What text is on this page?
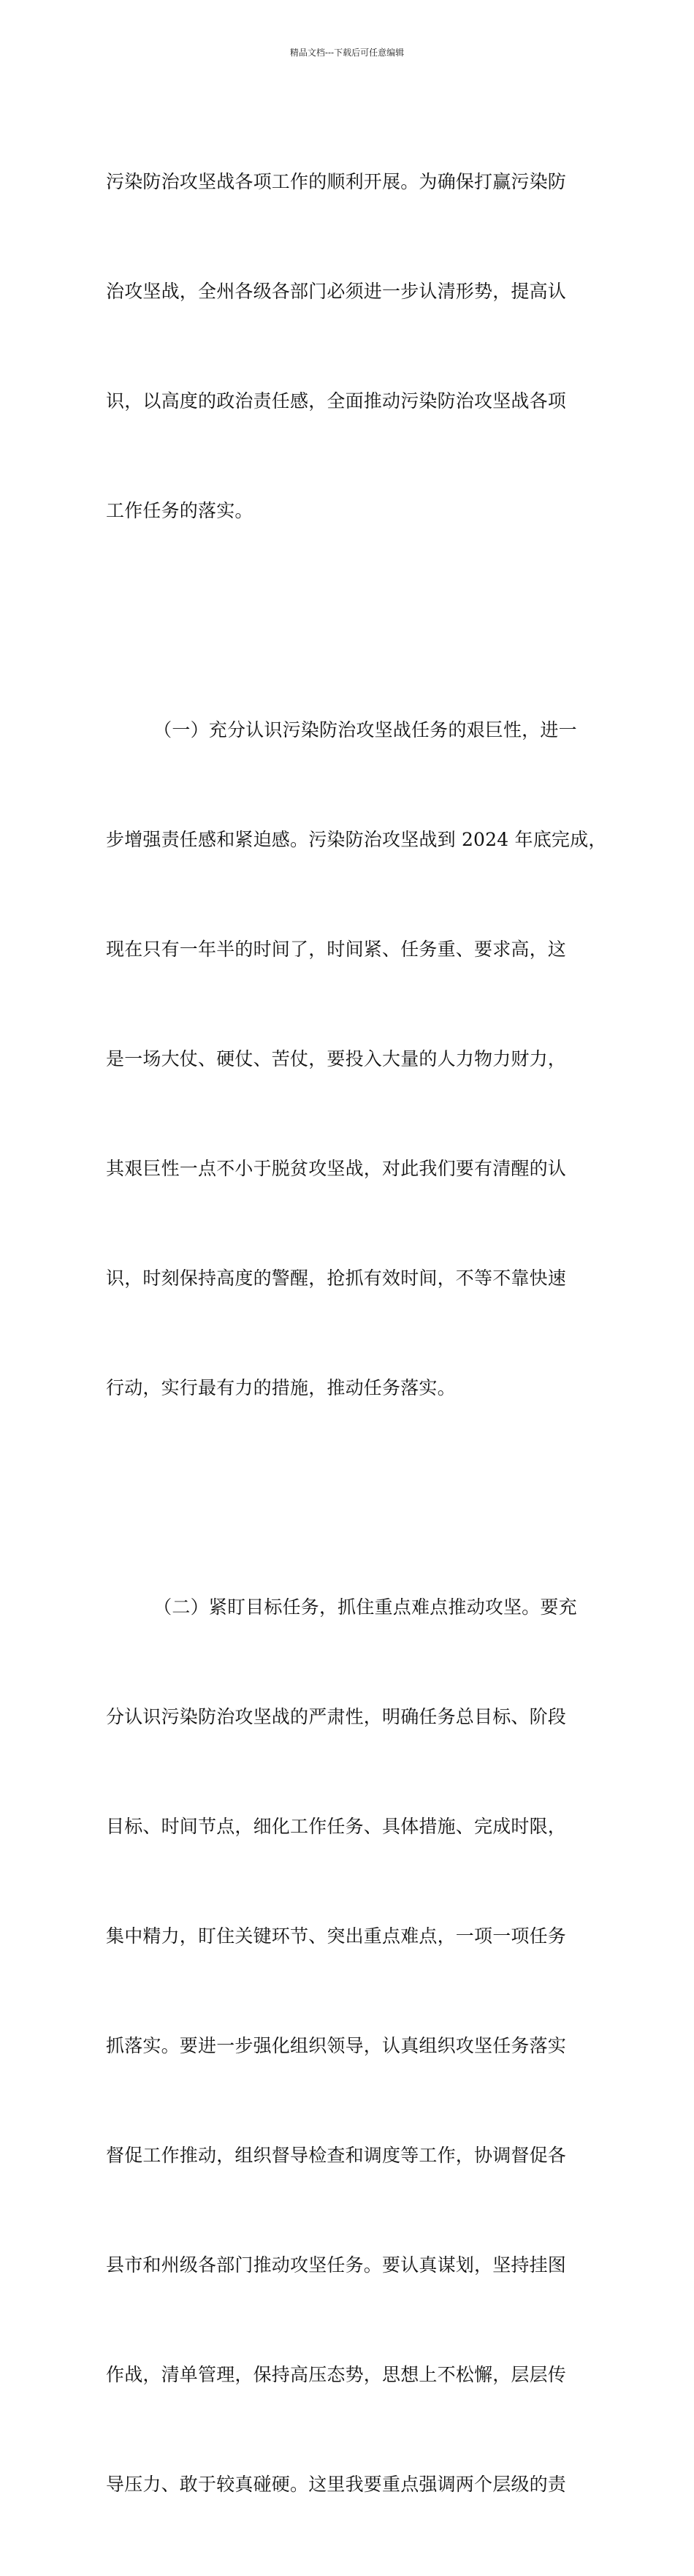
精品文档---下载后可任意编辑

污染防治攻坚战各项工作的顺利开展。为确保打赢污染防

治攻坚战，全州各级各部门必须进一步认清形势，提高认

识，以高度的政治责任感，全面推动污染防治攻坚战各项

工作任务的落实。

（一）充分认识污染防治攻坚战任务的艰巨性，进一

步增强责任感和紧迫感。污染防治攻坚战到 2024 年底完成，

现在只有一年半的时间了，时间紧、任务重、要求高，这

是一场大仗、硬仗、苦仗，要投入大量的人力物力财力，

其艰巨性一点不小于脱贫攻坚战，对此我们要有清醒的认

识，时刻保持高度的警醒，抢抓有效时间，不等不靠快速

行动，实行最有力的措施，推动任务落实。

（二）紧盯目标任务，抓住重点难点推动攻坚。要充

分认识污染防治攻坚战的严肃性，明确任务总目标、阶段

目标、时间节点，细化工作任务、具体措施、完成时限，

集中精力，盯住关键环节、突出重点难点，一项一项任务

抓落实。要进一步强化组织领导，认真组织攻坚任务落实

督促工作推动，组织督导检查和调度等工作，协调督促各

县市和州级各部门推动攻坚任务。要认真谋划，坚持挂图

作战，清单管理，保持高压态势，思想上不松懈，层层传

导压力、敢于较真碰硬。这里我要重点强调两个层级的责
